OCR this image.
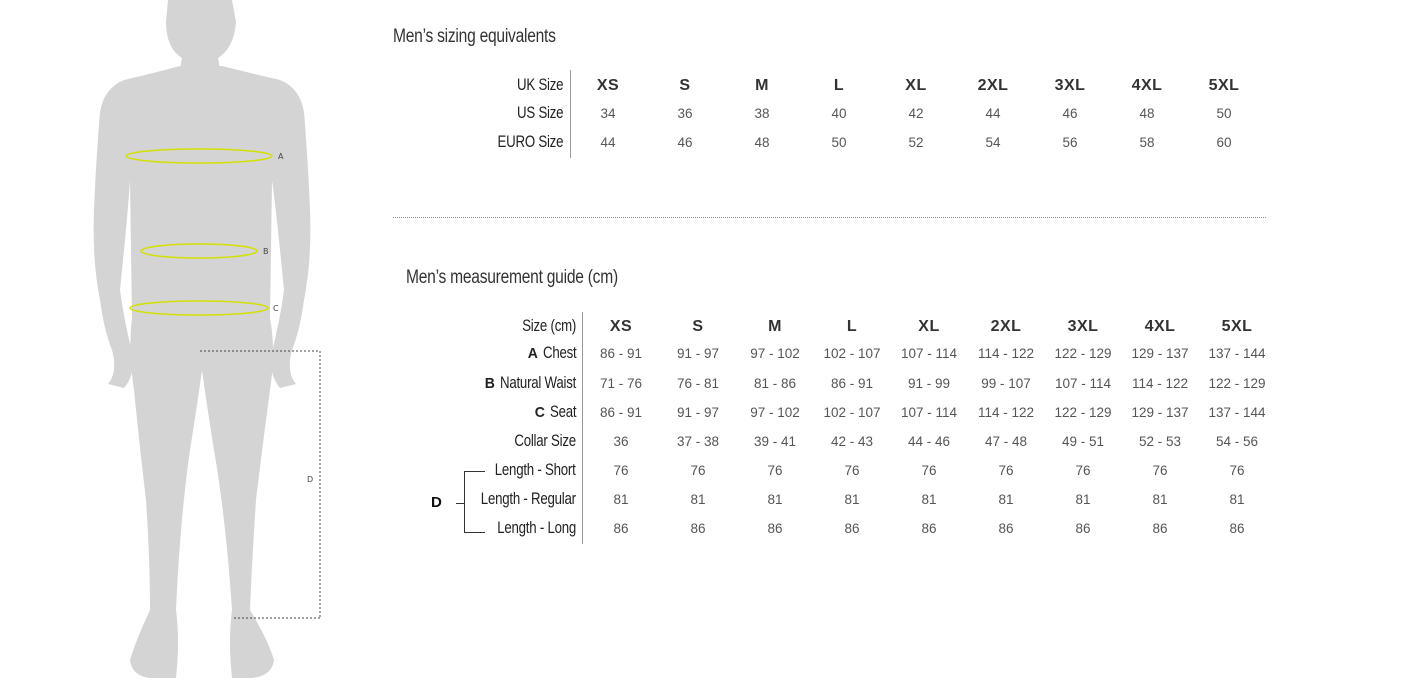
A
B
C
D
Men’s sizing equivalents
UK Size	XS	S	M	L	XL	2XL	3XL	4XL	5XL
US Size	34	36	38	40	42	44	46	48	50
EURO Size	44	46	48	50	52	54	56	58	60
Men’s measurement guide (cm)
Size (cm)	XS	S	M	L	XL	2XL	3XL	4XL	5XL
A Chest	86 - 91	91 - 97	97 - 102	102 - 107	107 - 114	114 - 122	122 - 129	129 - 137	137 - 144
B Natural Waist	71 - 76	76 - 81	81 - 86	86 - 91	91 - 99	99 - 107	107 - 114	114 - 122	122 - 129
C Seat	86 - 91	91 - 97	97 - 102	102 - 107	107 - 114	114 - 122	122 - 129	129 - 137	137 - 144
Collar Size	36	37 - 38	39 - 41	42 - 43	44 - 46	47 - 48	49 - 51	52 - 53	54 - 56
Length - Short	76	76	76	76	76	76	76	76	76
Length - Regular	81	81	81	81	81	81	81	81	81
Length - Long	86	86	86	86	86	86	86	86	86
D
